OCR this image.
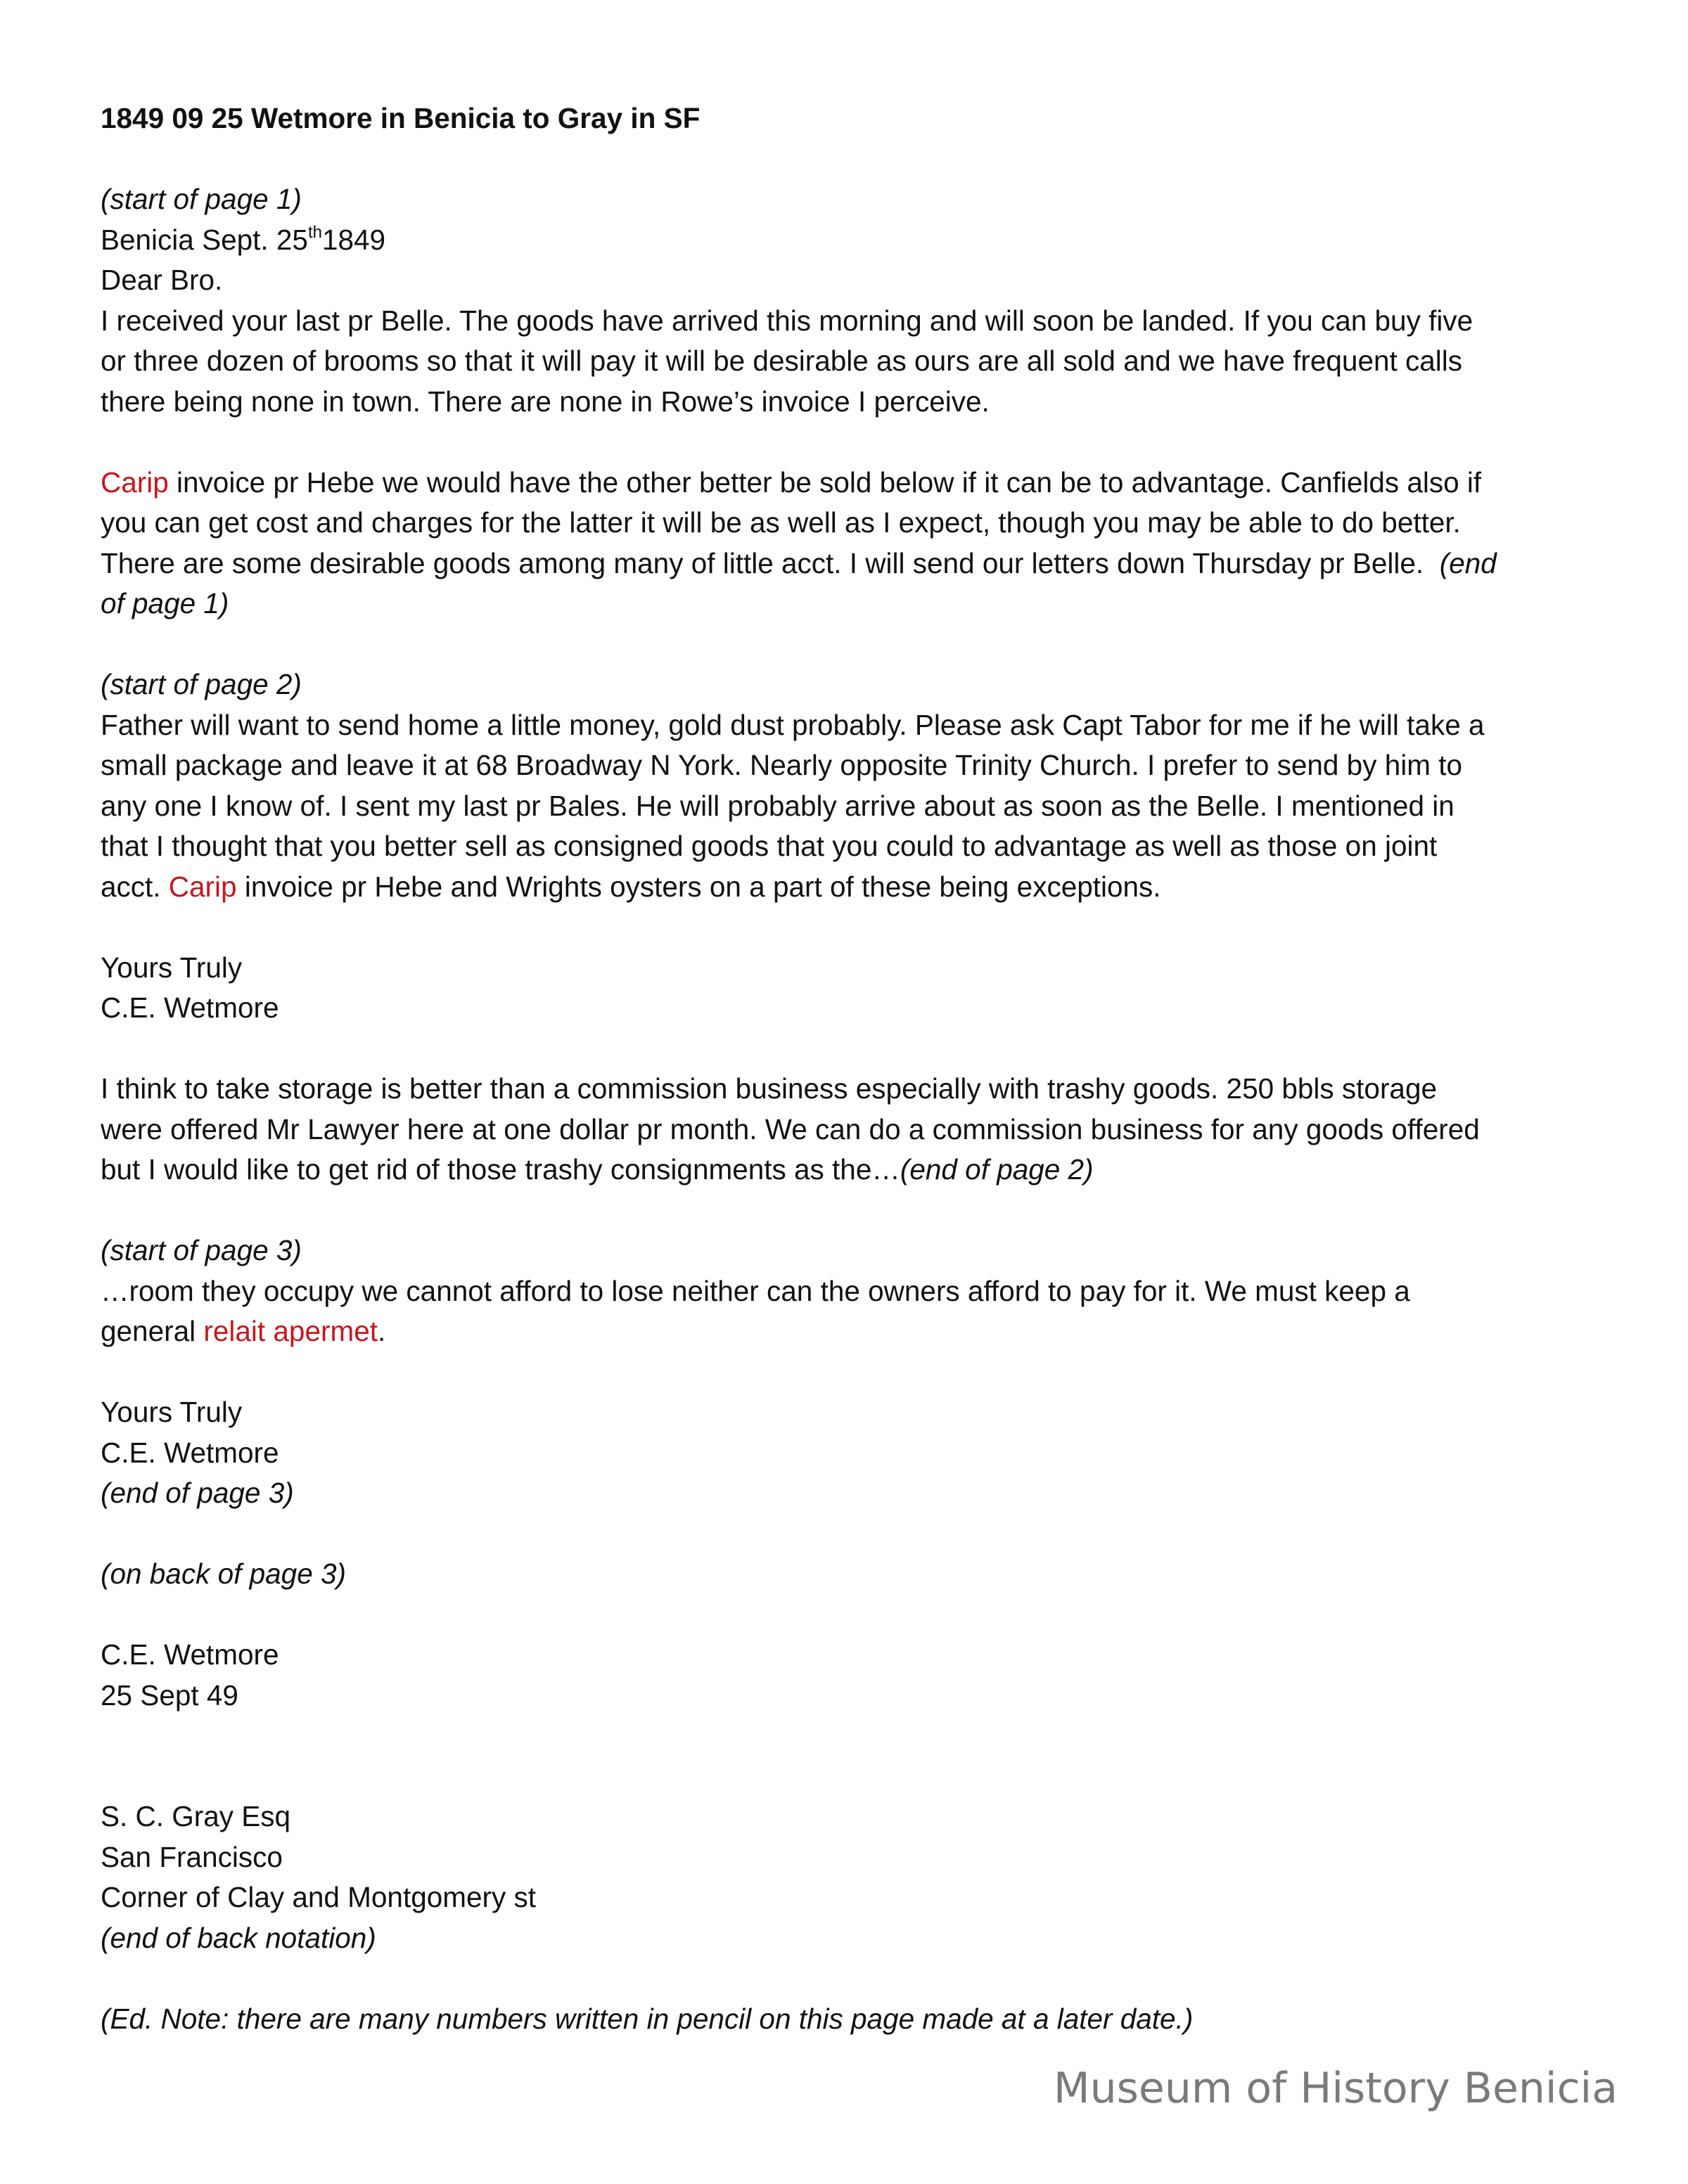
1849 09 25 Wetmore in Benicia to Gray in SF
(start of page 1)
Benicia Sept. 25th1849
Dear Bro.
I received your last pr Belle. The goods have arrived this morning and will soon be landed. If you can buy five
or three dozen of brooms so that it will pay it will be desirable as ours are all sold and we have frequent calls
there being none in town. There are none in Rowe’s invoice I perceive.
Carip invoice pr Hebe we would have the other better be sold below if it can be to advantage. Canfields also if
you can get cost and charges for the latter it will be as well as I expect, though you may be able to do better.
There are some desirable goods among many of little acct. I will send our letters down Thursday pr Belle. (end
of page 1)
(start of page 2)
Father will want to send home a little money, gold dust probably. Please ask Capt Tabor for me if he will take a
small package and leave it at 68 Broadway N York. Nearly opposite Trinity Church. I prefer to send by him to
any one I know of. I sent my last pr Bales. He will probably arrive about as soon as the Belle. I mentioned in
that I thought that you better sell as consigned goods that you could to advantage as well as those on joint
acct. Carip invoice pr Hebe and Wrights oysters on a part of these being exceptions.
Yours Truly
C.E. Wetmore
I think to take storage is better than a commission business especially with trashy goods. 250 bbls storage
were offered Mr Lawyer here at one dollar pr month. We can do a commission business for any goods offered
but I would like to get rid of those trashy consignments as the…(end of page 2)
(start of page 3)
…room they occupy we cannot afford to lose neither can the owners afford to pay for it. We must keep a
general relait apermet.
Yours Truly
C.E. Wetmore
(end of page 3)
(on back of page 3)
C.E. Wetmore
25 Sept 49
S. C. Gray Esq
San Francisco
Corner of Clay and Montgomery st
(end of back notation)
(Ed. Note: there are many numbers written in pencil on this page made at a later date.)
Museum of History Benicia
